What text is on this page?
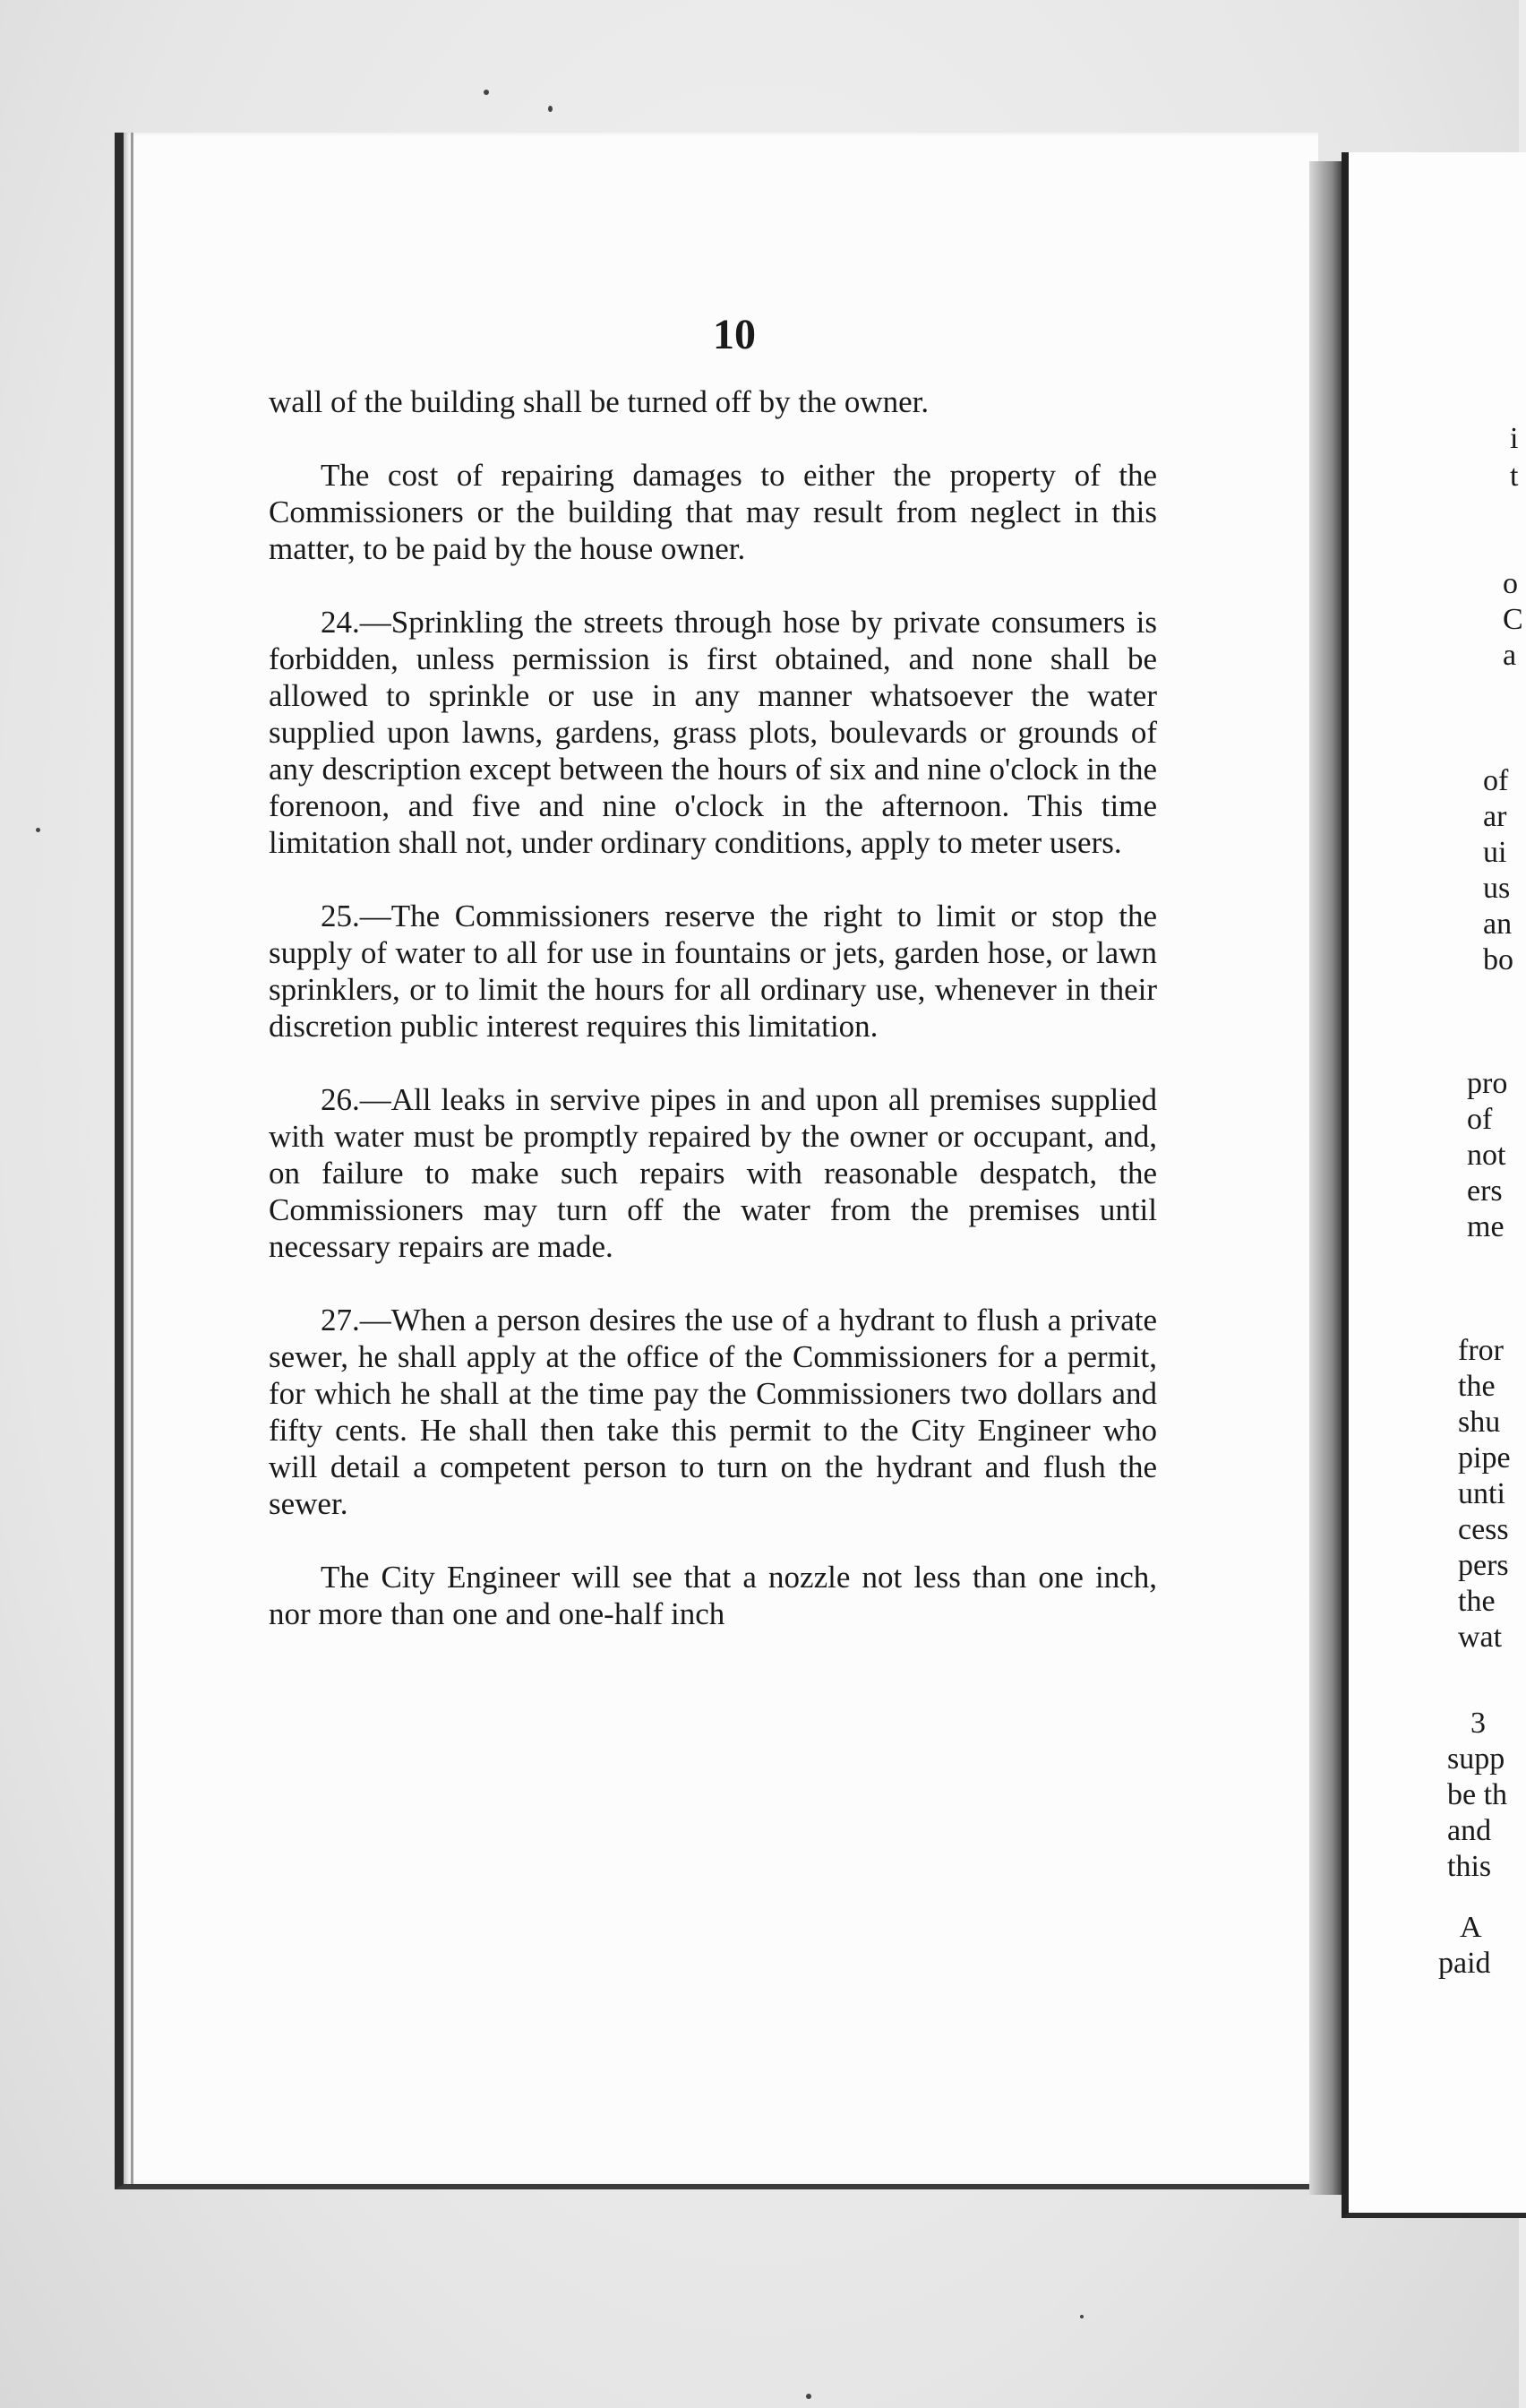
10

wall of the building shall be turned off by the owner.

The cost of repairing damages to either the property of the Commissioners or the building that may result from neglect in this matter, to be paid by the house owner.

24.—Sprinkling the streets through hose by private consumers is forbidden, unless permission is first obtained, and none shall be allowed to sprinkle or use in any manner whatsoever the water supplied upon lawns, gardens, grass plots, boulevards or grounds of any description except between the hours of six and nine o'clock in the forenoon, and five and nine o'clock in the afternoon. This time limitation shall not, under ordinary conditions, apply to meter users.

25.—The Commissioners reserve the right to limit or stop the supply of water to all for use in fountains or jets, garden hose, or lawn sprinklers, or to limit the hours for all ordinary use, whenever in their discretion public interest requires this limitation.

26.—All leaks in servive pipes in and upon all premises supplied with water must be promptly repaired by the owner or occupant, and, on failure to make such repairs with reasonable despatch, the Commissioners may turn off the water from the premises until necessary repairs are made.

27.—When a person desires the use of a hydrant to flush a private sewer, he shall apply at the office of the Commissioners for a permit, for which he shall at the time pay the Commissioners two dollars and fifty cents. He shall then take this permit to the City Engineer who will detail a competent person to turn on the hydrant and flush the sewer.

The City Engineer will see that a nozzle not less than one inch, nor more than one and one-half inch

i
t
o
C
a
of
ar
ui
us
an
bo
pro
of
not
ers
me
fror
the
shu
pipe
unti
cess
pers
the
wat
3
supp
be th
and
this
A
paid
